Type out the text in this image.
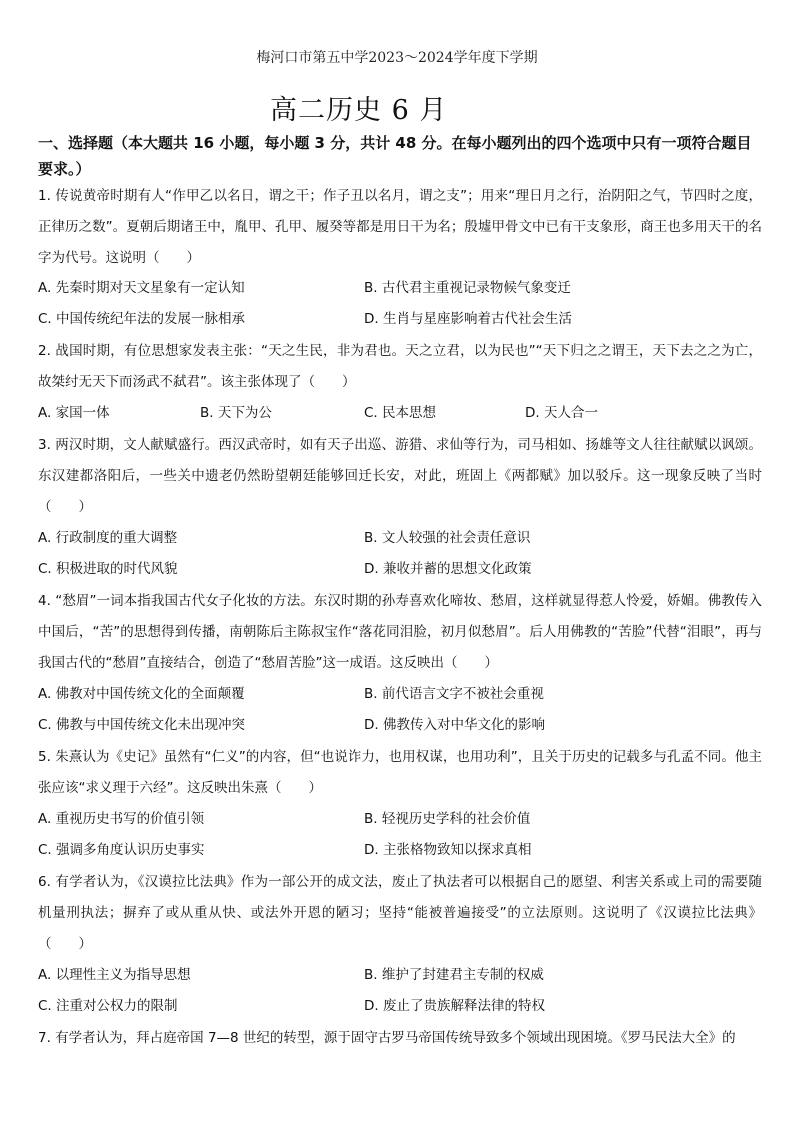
梅河口市第五中学2023～2024学年度下学期
高二历史 6 月
一、选择题（本大题共 16 小题，每小题 3 分，共计 48 分。在每小题列出的四个选项中只有一项符合题目要求。）
1. 传说黄帝时期有人“作甲乙以名日，谓之干；作子丑以名月，谓之支”；用来“理日月之行，治阴阳之气，节四时之度，正律历之数”。夏朝后期诸王中，胤甲、孔甲、履癸等都是用日干为名；殷墟甲骨文中已有干支象形，商王也多用天干的名字为代号。这说明（　　）
A. 先秦时期对天文星象有一定认知	B. 古代君主重视记录物候气象变迁
C. 中国传统纪年法的发展一脉相承	D. 生肖与星座影响着古代社会生活
2. 战国时期，有位思想家发表主张：“天之生民，非为君也。天之立君，以为民也”“天下归之之谓王，天下去之之为亡，故桀纣无天下而汤武不弑君”。该主张体现了（　　）
A. 家国一体	B. 天下为公	C. 民本思想	D. 天人合一
3. 两汉时期，文人献赋盛行。西汉武帝时，如有天子出巡、游猎、求仙等行为，司马相如、扬雄等文人往往献赋以讽颂。东汉建都洛阳后，一些关中遗老仍然盼望朝廷能够回迁长安，对此，班固上《两都赋》加以驳斥。这一现象反映了当时（　　）
A. 行政制度的重大调整	B. 文人较强的社会责任意识
C. 积极进取的时代风貌	D. 兼收并蓄的思想文化政策
4. “愁眉”一词本指我国古代女子化妆的方法。东汉时期的孙寿喜欢化啼妆、愁眉，这样就显得惹人怜爱，娇媚。佛教传入中国后，“苦”的思想得到传播，南朝陈后主陈叔宝作“落花同泪脸，初月似愁眉”。后人用佛教的“苦脸”代替“泪眼”，再与我国古代的“愁眉”直接结合，创造了“愁眉苦脸”这一成语。这反映出（　　）
A. 佛教对中国传统文化的全面颠覆	B. 前代语言文字不被社会重视
C. 佛教与中国传统文化未出现冲突	D. 佛教传入对中华文化的影响
5. 朱熹认为《史记》虽然有“仁义”的内容，但“也说诈力，也用权谋，也用功利”，且关于历史的记载多与孔孟不同。他主张应该“求义理于六经”。这反映出朱熹（　　）
A. 重视历史书写的价值引领	B. 轻视历史学科的社会价值
C. 强调多角度认识历史事实	D. 主张格物致知以探求真相
6. 有学者认为，《汉谟拉比法典》作为一部公开的成文法，废止了执法者可以根据自己的愿望、利害关系或上司的需要随机量刑执法；摒弃了或从重从快、或法外开恩的陋习；坚持“能被普遍接受”的立法原则。这说明了《汉谟拉比法典》（　　）
A. 以理性主义为指导思想	B. 维护了封建君主专制的权威
C. 注重对公权力的限制	D. 废止了贵族解释法律的特权
7. 有学者认为，拜占庭帝国 7—8 世纪的转型，源于固守古罗马帝国传统导致多个领域出现困境。《罗马民法大全》的
